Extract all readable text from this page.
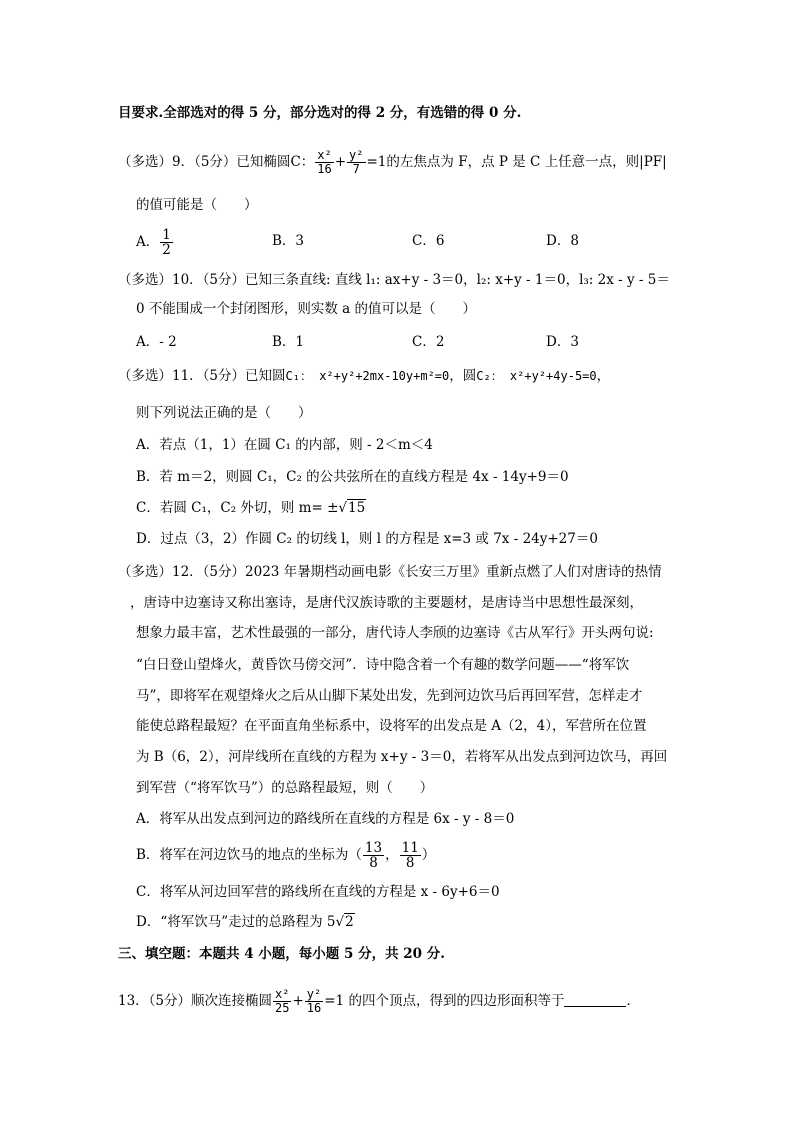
目要求.全部选对的得 5 分，部分选对的得 2 分，有选错的得 0 分.
（多选）9．（5分）已知椭圆C： $\frac{\text{x²}}{16} + \frac{\text{y²}}{7} =1$的左焦点为 F，点 P 是 C 上任意一点，则|PF|
的值可能是（　　）
A． $\frac{1}{2}$	B．3	C．6	D．8
（多选）10．（5分）已知三条直线: 直线 l₁: ax+y - 3＝0，l₂: x+y - 1＝0，l₃: 2x - y - 5＝
0 不能围成一个封闭图形，则实数 a 的值可以是（　　）
A．- 2	B．1	C．2	D．3
（多选）11．（5分）已知圆C₁： x²+y²+2mx-10y+m²=0，圆C₂： x²+y²+4y-5=0，
则下列说法正确的是（　　）
A．若点（1，1）在圆 C₁ 的内部，则 - 2＜m＜4
B．若 m＝2，则圆 C₁，C₂ 的公共弦所在的直线方程是 4x - 14y+9＝0
C．若圆 C₁，C₂ 外切，则 m= ±√15
D．过点（3，2）作圆 C₂ 的切线 l，则 l 的方程是 x=3 或 7x - 24y+27＝0
（多选）12．（5分）2023 年暑期档动画电影《长安三万里》重新点燃了人们对唐诗的热情
，唐诗中边塞诗又称出塞诗，是唐代汉族诗歌的主要题材，是唐诗当中思想性最深刻，
想象力最丰富，艺术性最强的一部分，唐代诗人李颀的边塞诗《古从军行》开头两句说:
“白日登山望烽火，黄昏饮马傍交河”．诗中隐含着一个有趣的数学问题——“将军饮
马”，即将军在观望烽火之后从山脚下某处出发，先到河边饮马后再回军营，怎样走才
能使总路程最短？在平面直角坐标系中，设将军的出发点是 A（2，4），军营所在位置
为 B（6，2），河岸线所在直线的方程为 x+y - 3＝0，若将军从出发点到河边饮马，再回
到军营（“将军饮马”）的总路程最短，则（　　）
A．将军从出发点到河边的路线所在直线的方程是 6x - y - 8＝0
B．将军在河边饮马的地点的坐标为（ $\frac{13}{8}$ ， $\frac{11}{8}$ ）
C．将军从河边回军营的路线所在直线的方程是 x - 6y+6＝0
D．“将军饮马”走过的总路程为 5√2
三、填空题：本题共 4 小题，每小题 5 分，共 20 分.
13．（5分）顺次连接椭圆 $\frac{\text{x²}}{25} + \frac{\text{y²}}{16} =1$ 的四个顶点，得到的四边形面积等于	．
